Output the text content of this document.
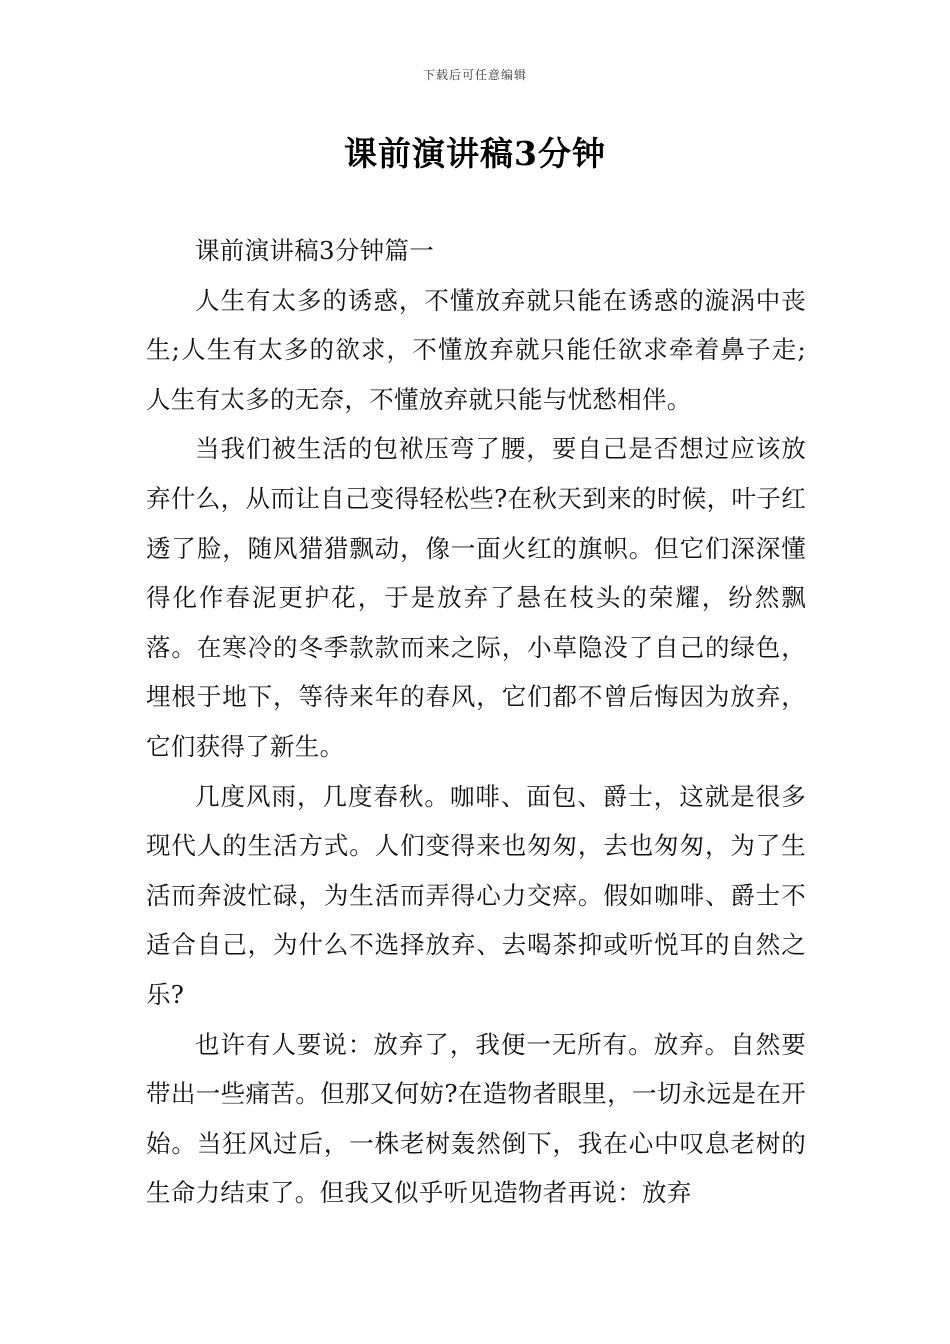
下载后可任意编辑
课前演讲稿3分钟

课前演讲稿3分钟篇一

人生有太多的诱惑，不懂放弃就只能在诱惑的漩涡中丧生;人生有太多的欲求，不懂放弃就只能任欲求牵着鼻子走;人生有太多的无奈，不懂放弃就只能与忧愁相伴。

当我们被生活的包袱压弯了腰，要自己是否想过应该放弃什么，从而让自己变得轻松些?在秋天到来的时候，叶子红透了脸，随风猎猎飘动，像一面火红的旗帜。但它们深深懂得化作春泥更护花，于是放弃了悬在枝头的荣耀，纷然飘落。在寒冷的冬季款款而来之际，小草隐没了自己的绿色，埋根于地下，等待来年的春风，它们都不曾后悔因为放弃，它们获得了新生。

几度风雨，几度春秋。咖啡、面包、爵士，这就是很多现代人的生活方式。人们变得来也匆匆，去也匆匆，为了生活而奔波忙碌，为生活而弄得心力交瘁。假如咖啡、爵士不适合自己，为什么不选择放弃、去喝茶抑或听悦耳的自然之乐?

也许有人要说：放弃了，我便一无所有。放弃。自然要带出一些痛苦。但那又何妨?在造物者眼里，一切永远是在开始。当狂风过后，一株老树轰然倒下，我在心中叹息老树的生命力结束了。但我又似乎听见造物者再说：放弃
